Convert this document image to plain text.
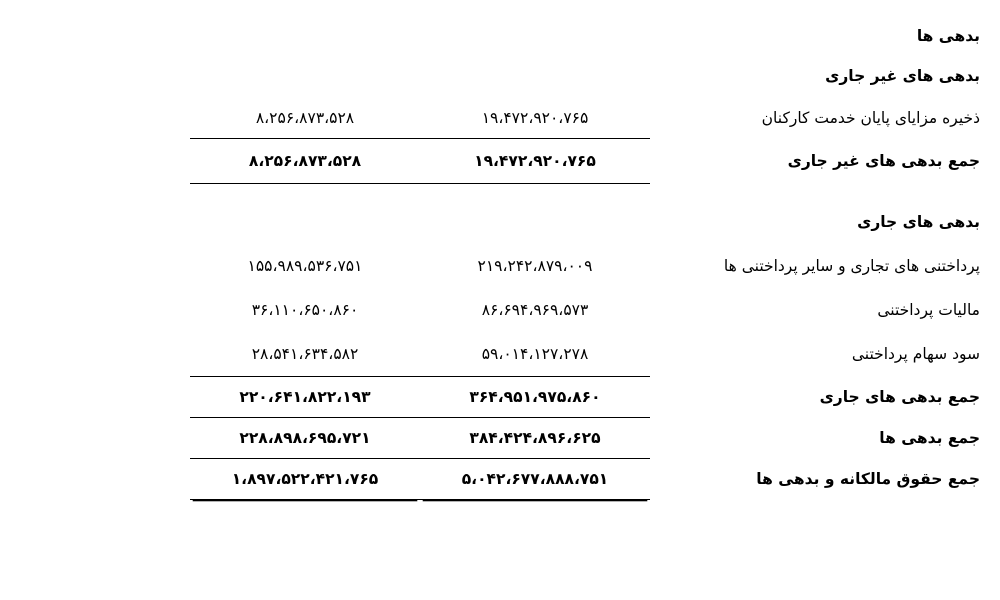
بدهی ها			
بدهی های غیر جاری			
ذخیره مزایای پایان خدمت کارکنان	۱۹،۴۷۲،۹۲۰،۷۶۵	۸،۲۵۶،۸۷۳،۵۲۸	
جمع بدهی های غیر جاری	۱۹،۴۷۲،۹۲۰،۷۶۵	۸،۲۵۶،۸۷۳،۵۲۸	

بدهی های جاری			
پرداختنی های تجاری و سایر پرداختنی ها	۲۱۹،۲۴۲،۸۷۹،۰۰۹	۱۵۵،۹۸۹،۵۳۶،۷۵۱	
مالیات پرداختنی	۸۶،۶۹۴،۹۶۹،۵۷۳	۳۶،۱۱۰،۶۵۰،۸۶۰	
سود سهام پرداختنی	۵۹،۰۱۴،۱۲۷،۲۷۸	۲۸،۵۴۱،۶۳۴،۵۸۲	
جمع بدهی های جاری	۳۶۴،۹۵۱،۹۷۵،۸۶۰	۲۲۰،۶۴۱،۸۲۲،۱۹۳	
جمع بدهی ها	۳۸۴،۴۲۴،۸۹۶،۶۲۵	۲۲۸،۸۹۸،۶۹۵،۷۲۱	
جمع حقوق مالکانه و بدهی ها	۵،۰۴۲،۶۷۷،۸۸۸،۷۵۱	۱،۸۹۷،۵۲۲،۴۲۱،۷۶۵	
